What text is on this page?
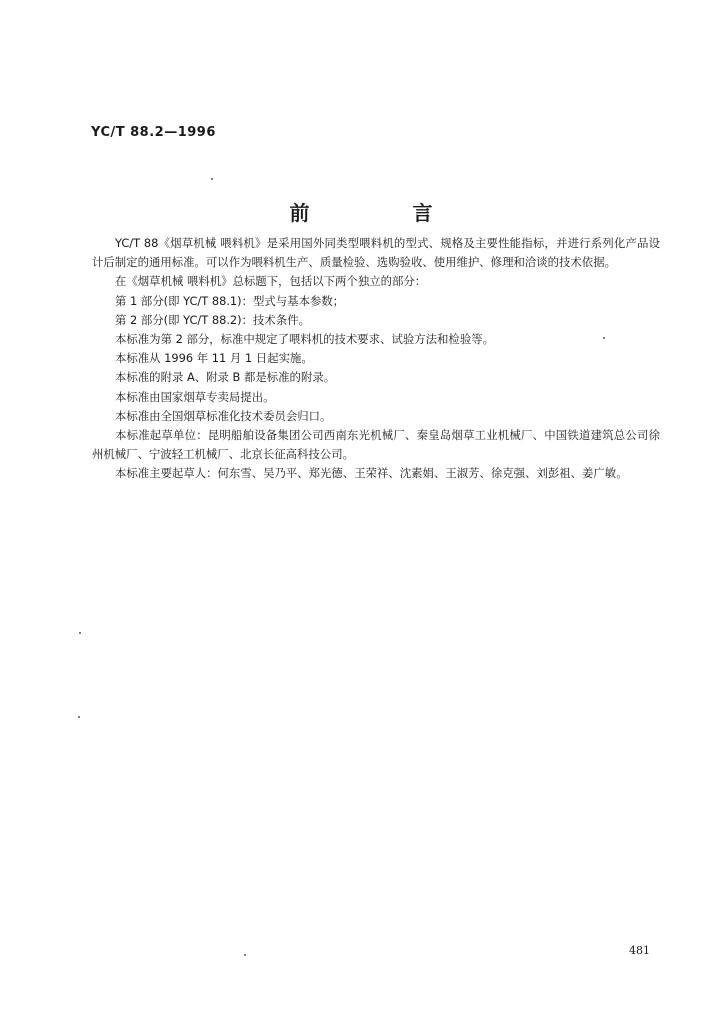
YC/T 88.2—1996
前 言

YC/T 88《烟草机械 喂料机》是采用国外同类型喂料机的型式、规格及主要性能指标，并进行系列化产品设计后制定的通用标准。可以作为喂料机生产、质量检验、选购验收、使用维护、修理和洽谈的技术依据。

在《烟草机械 喂料机》总标题下，包括以下两个独立的部分：

第 1 部分(即 YC/T 88.1)：型式与基本参数；

第 2 部分(即 YC/T 88.2)：技术条件。

本标准为第 2 部分，标准中规定了喂料机的技术要求、试验方法和检验等。

本标准从 1996 年 11 月 1 日起实施。

本标准的附录 A、附录 B 都是标准的附录。

本标准由国家烟草专卖局提出。

本标准由全国烟草标准化技术委员会归口。

本标准起草单位：昆明船舶设备集团公司西南东光机械厂、秦皇岛烟草工业机械厂、中国铁道建筑总公司徐州机械厂、宁波轻工机械厂、北京长征高科技公司。

本标准主要起草人：何东雪、吴乃平、郑光德、王荣祥、沈素娟、王淑芳、徐克强、刘彭祖、姜广敏。

481
